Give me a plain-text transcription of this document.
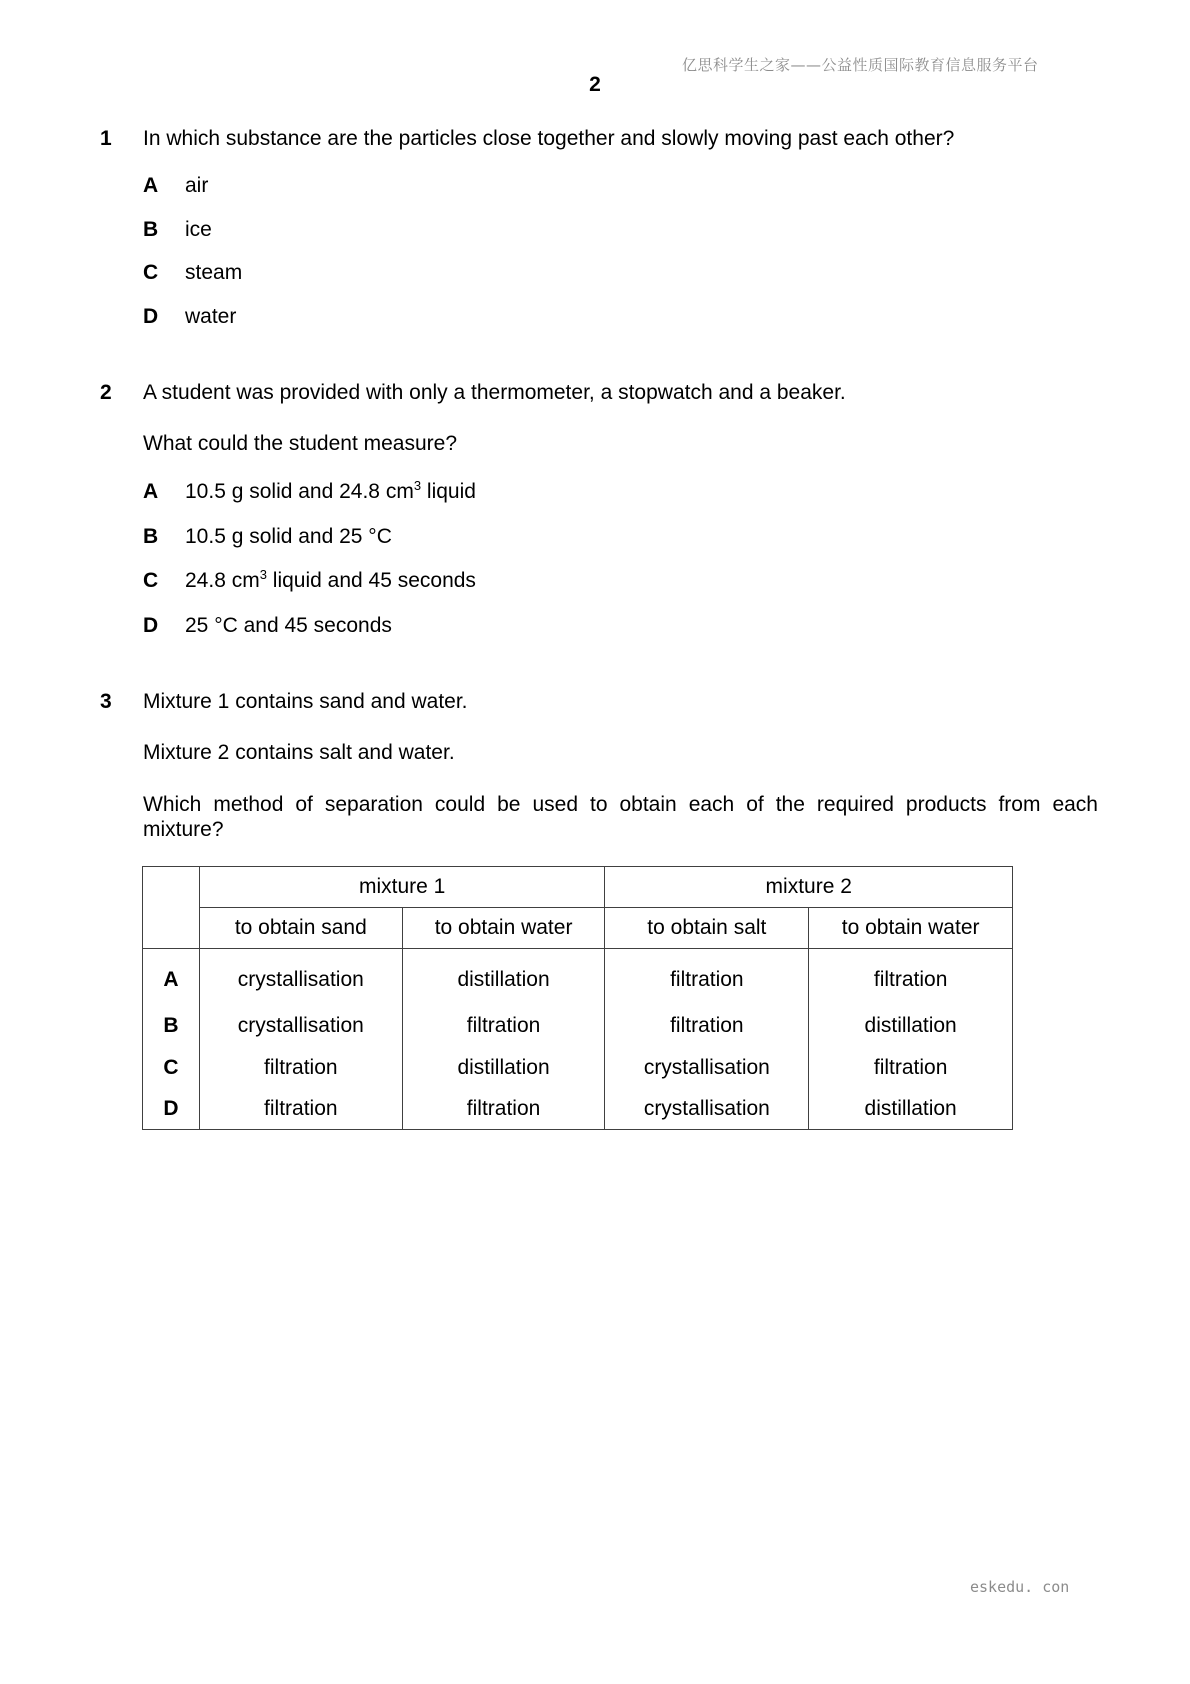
亿思科学生之家——公益性质国际教育信息服务平台
2
1 In which substance are the particles close together and slowly moving past each other?
A air
B ice
C steam
D water
2 A student was provided with only a thermometer, a stopwatch and a beaker.
What could the student measure?
A 10.5 g solid and 24.8 $cm^3$ liquid
B 10.5 g solid and 25 °C
C 24.8 $cm^3$ liquid and 45 seconds
D 25 °C and 45 seconds
3 Mixture 1 contains sand and water.
Mixture 2 contains salt and water.
Which method of separation could be used to obtain each of the required products from each
mixture?
	mixture 1		mixture 2	
	to obtain sand	to obtain water	to obtain salt	to obtain water
A	crystallisation	distillation	filtration	filtration
B	crystallisation	filtration	filtration	distillation
C	filtration	distillation	crystallisation	filtration
D	filtration	filtration	crystallisation	distillation
eskedu. con
